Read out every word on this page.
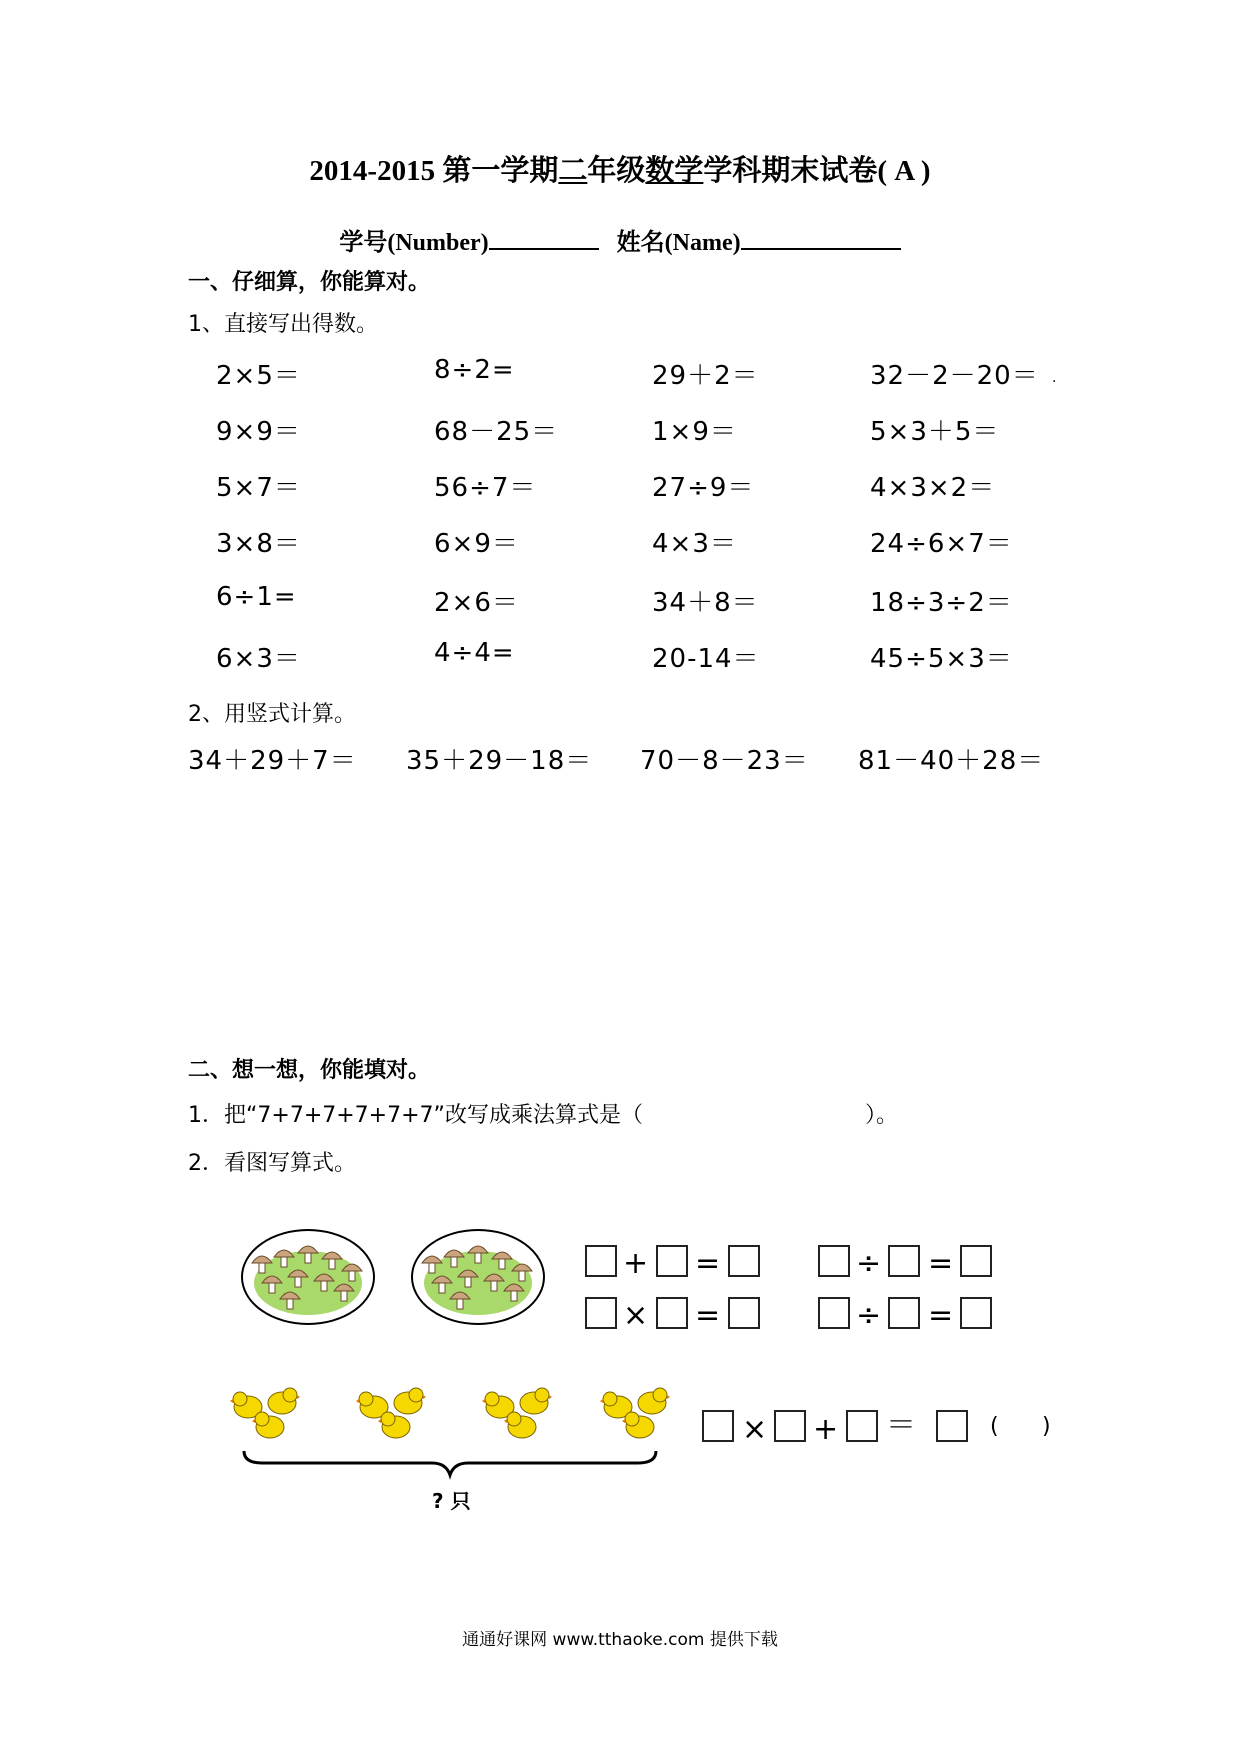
2014-2015 第一学期二年级数学学科期末试卷( A )
学号(Number)	姓名(Name)
一、仔细算，你能算对。
1、直接写出得数。
2×5＝	8÷2=	29＋2＝	32－2－20＝
9×9＝	68－25＝	1×9＝	5×3＋5＝
5×7＝	56÷7＝	27÷9＝	4×3×2＝
3×8＝	6×9＝	4×3＝	24÷6×7＝
6÷1=	2×6＝	34＋8＝	18÷3÷2＝
6×3＝	4÷4=	20-14＝	45÷5×3＝
.
2、用竖式计算。
34＋29＋7＝ 35＋29－18＝ 70－8－23＝ 81－40＋28＝
二、想一想，你能填对。
1．把“7+7+7+7+7+7”改写成乘法算式是（	）。
2．看图写算式。
+ =	÷ =
× =	÷ =
? 只
× + ＝	( )
通通好课网 www.tthaoke.com 提供下载
